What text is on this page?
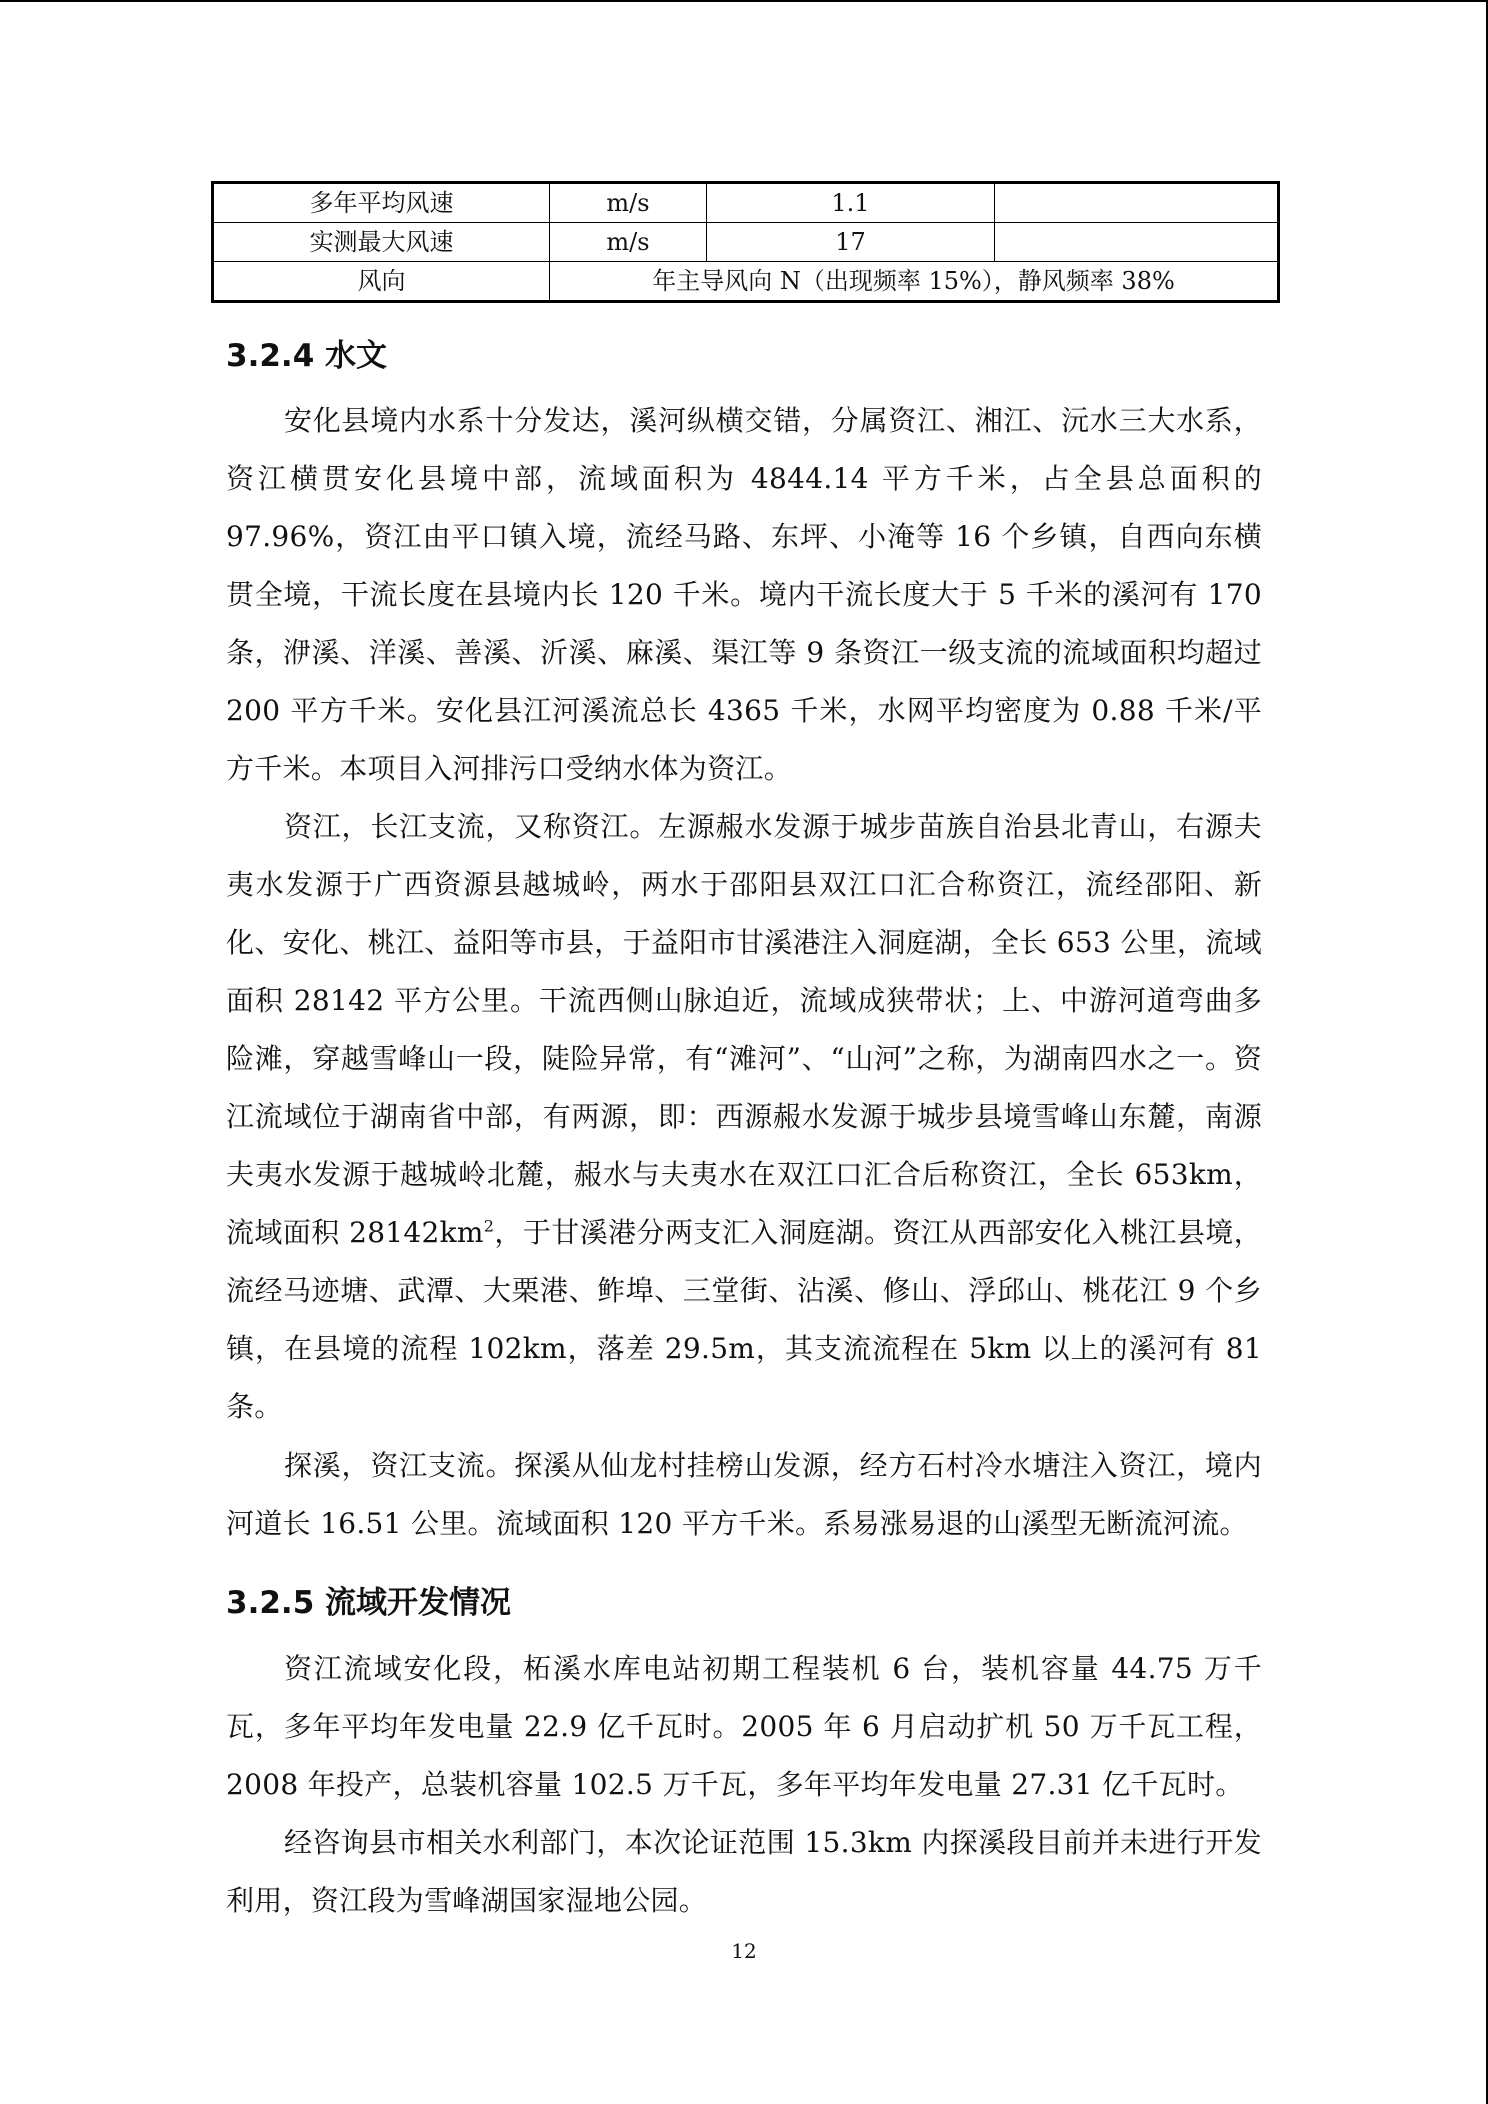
多年平均风速	m/s	1.1	
实测最大风速	m/s	17	
风向	年主导风向 N（出现频率 15%），静风频率 38%		
3.2.4 水文

安化县境内水系十分发达，溪河纵横交错，分属资江、湘江、沅水三大水系，资江横贯安化县境中部，流域面积为 4844.14 平方千米，占全县总面积的 97.96%，资江由平口镇入境，流经马路、东坪、小淹等 16 个乡镇，自西向东横贯全境，干流长度在县境内长 120 千米。境内干流长度大于 5 千米的溪河有 170 条，洢溪、洋溪、善溪、沂溪、麻溪、渠江等 9 条资江一级支流的流域面积均超过 200 平方千米。安化县江河溪流总长 4365 千米，水网平均密度为 0.88 千米/平方千米。本项目入河排污口受纳水体为资江。

资江，长江支流，又称资江。左源赧水发源于城步苗族自治县北青山，右源夫夷水发源于广西资源县越城岭，两水于邵阳县双江口汇合称资江，流经邵阳、新化、安化、桃江、益阳等市县，于益阳市甘溪港注入洞庭湖，全长 653 公里，流域面积 28142 平方公里。干流西侧山脉迫近，流域成狭带状；上、中游河道弯曲多险滩，穿越雪峰山一段，陡险异常，有“滩河”、“山河”之称，为湖南四水之一。资江流域位于湖南省中部，有两源，即：西源赧水发源于城步县境雪峰山东麓，南源夫夷水发源于越城岭北麓，赧水与夫夷水在双江口汇合后称资江，全长 653km，流域面积 $28142km^2$，于甘溪港分两支汇入洞庭湖。资江从西部安化入桃江县境，流经马迹塘、武潭、大栗港、鲊埠、三堂街、沾溪、修山、浮邱山、桃花江 9 个乡镇，在县境的流程 102km，落差 29.5m，其支流流程在 5km 以上的溪河有 81 条。

探溪，资江支流。探溪从仙龙村挂榜山发源，经方石村冷水塘注入资江，境内河道长 16.51 公里。流域面积 120 平方千米。系易涨易退的山溪型无断流河流。

3.2.5 流域开发情况

资江流域安化段，柘溪水库电站初期工程装机 6 台，装机容量 44.75 万千瓦，多年平均年发电量 22.9 亿千瓦时。2005 年 6 月启动扩机 50 万千瓦工程，2008 年投产，总装机容量 102.5 万千瓦，多年平均年发电量 27.31 亿千瓦时。

经咨询县市相关水利部门，本次论证范围 15.3km 内探溪段目前并未进行开发利用，资江段为雪峰湖国家湿地公园。

12
